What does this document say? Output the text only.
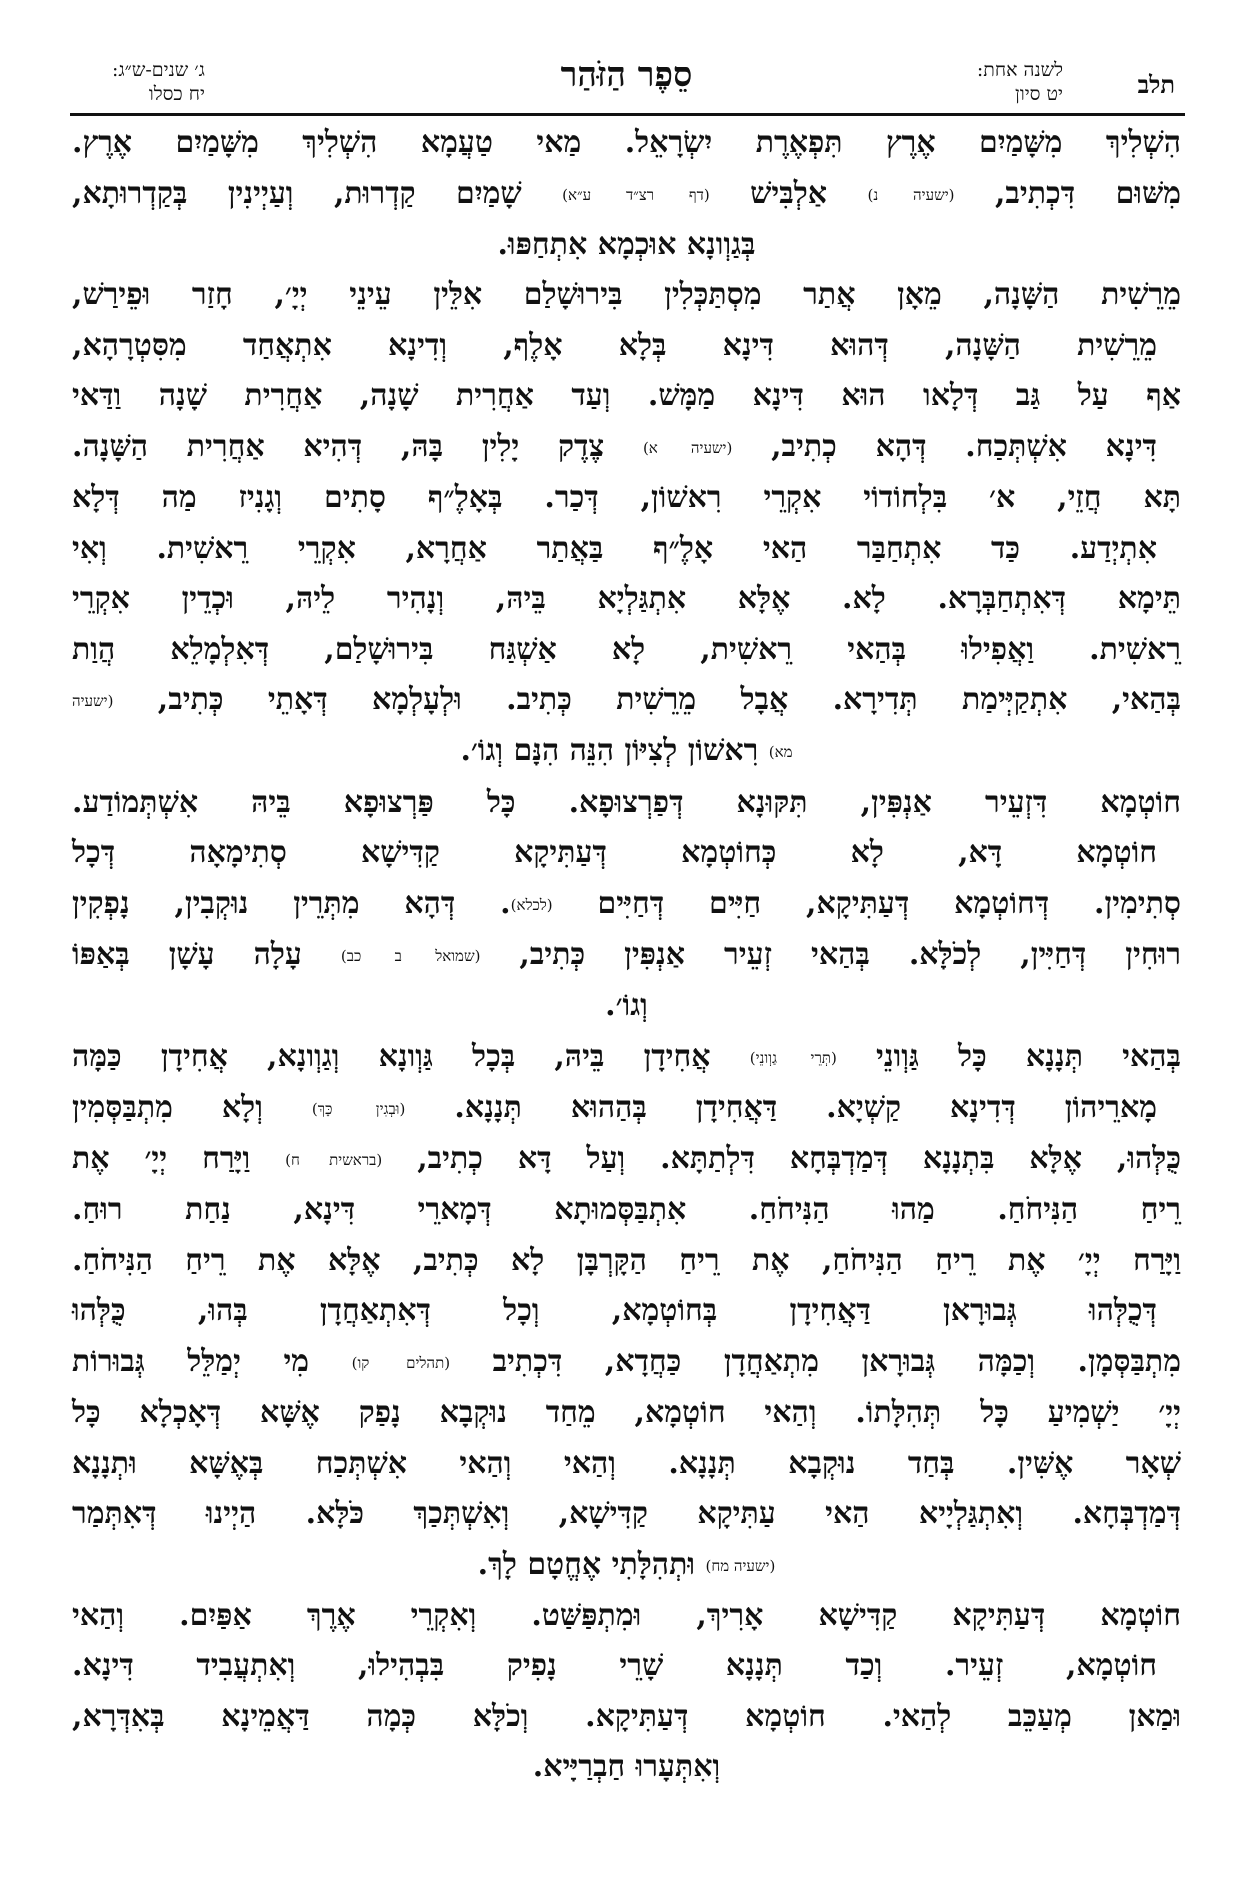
תלב
לשנה אחת:
יט סיון
סֵפֶר הַזֹּהַר
ג׳ שנים-ש״ג:
יח כסלו
הִשְׁלִיךְ מִשָּׁמַיִם אֶרֶץ תִּפְאֶרֶת יִשְׂרָאֵל. מַאי טַעֲמָא הִשְׁלִיךְ מִשָּׁמַיִם אֶרֶץ.
מִשּׁוּם דִּכְתִיב, (ישעיה נ) אַלְבִּישׁ (דף רצ״ד ע״א) שָׁמַיִם קַדְרוּת, וְעַיְינִין בְּקַדְרוּתָא,
בְּגַוְונָא אוּכְמָא אִתְחַפּוּ.
מֵרֵשִׁית הַשָּׁנָה, מֵאָן אֲתַר מִסְתַּכְּלִין בִּירוּשָׁלַם אִלֵּין עֵינֵי יְיָ׳, חָזַר וּפֵירַשׁ,
מֵרֵשִׁית הַשָּׁנָה, דְּהוּא דִּינָא בְּלָא אָלֶף, וְדִינָא אִתְאֲחַד מִסִּטְרָהָא,
אַף עַל גַּב דְּלָאו הוּא דִּינָא מַמָּשׁ. וְעַד אַחֲרִית שָׁנָה, אַחֲרִית שָׁנָה וַדַּאי
דִּינָא אִשְׁתְּכַח. דְּהָא כְתִיב, (ישעיה א) צֶדֶק יָלִין בָּהּ, דְּהִיא אַחֲרִית הַשָּׁנָה.
תָּא חֲזֵי, א׳ בִּלְחוֹדוֹי אִקְרֵי רִאשׁוֹן, דְּכַר. בְּאָלֶ״ף סָתִים וְגָנִיז מַה דְּלָא
אִתְיְדַע. כַּד אִתְחַבַּר הַאי אָלֶ״ף בַּאֲתַר אַחֲרָא, אִקְרֵי רֵאשִׁית. וְאִי
תֵּימָא דְּאִתְחַבְּרָא. לָא. אֶלָּא אִתְגַּלְיָא בֵּיהּ, וְנָהִיר לֵיהּ, וּכְדֵין אִקְרֵי
רֵאשִׁית. וַאֲפִילוּ בְּהַאי רֵאשִׁית, לָא אַשְׁגַּח בִּירוּשָׁלַם, דְּאִלְמָלֵא הֲוַת
בְּהַאי, אִתְקַיְּימַת תְּדִירָא. אֲבָל מֵרֵשִׁית כְּתִיב. וּלְעָלְמָא דְּאָתֵי כְּתִיב, (ישעיה
מא) רִאשׁוֹן לְצִיּוֹן הִנֵּה הִנָּם וְגוֹ׳.
חוֹטְמָא דִּזְעֵיר אַנְפִּין, תִּקּוּנָא דְּפַרְצוּפָא. כָּל פַּרְצוּפָא בֵּיהּ אִשְׁתְּמוֹדַע.
חוֹטְמָא דָּא, לָא כְּחוֹטְמָא דְּעַתִּיקָא קַדִּישָׁא סְתִימָאָה דְּכָל
סְתִימִין. דְּחוֹטְמָא דְּעַתִּיקָא, חַיִּים דְּחַיִּים (לכלא). דְּהָא מִתְּרֵין נוּקְבִין, נָפְקִין
רוּחִין דְּחַיִּין, לְכֹלָּא. בְּהַאי זְעֵיר אַנְפִּין כְּתִיב, (שמואל ב כב) עָלָה עָשָׁן בְּאַפּוֹ
וְגוֹ׳.
בְּהַאי תְּנָנָא כָּל גַּוְונֵי (תְּרֵי גַוְונֵי) אֲחִידָן בֵּיהּ, בְּכָל גַּוְונָא וְגַוְונָא, אֲחִידָן כַּמָּה
מָארֵיהוֹן דְּדִינָא קַשְׁיָא. דַּאֲחִידָן בְּהַהוּא תְּנָנָא. (וּבְגִין כָּךְ) וְלָא מִתְבַּסְּמִין
כֻּלְּהוּ, אֶלָּא בִּתְנָנָא דְּמַדְבְּחָא דִּלְתַתָּא. וְעַל דָּא כְתִיב, (בראשית ח) וַיָּרַח יְיָ׳ אֶת
רֵיחַ הַנִּיחֹחַ. מַהוּ הַנִּיחֹחַ. אִתְבַּסְּמוּתָא דְּמָארֵי דִּינָא, נַחַת רוּחַ.
וַיָּרַח יְיָ׳ אֶת רֵיחַ הַנִּיחֹחַ, אֶת רֵיחַ הַקָּרְבָּן לָא כְּתִיב, אֶלָּא אֶת רֵיחַ הַנִּיחֹחַ.
דְּכֻלְּהוּ גְּבוּרָאן דַּאֲחִידָן בְּחוֹטְמָא, וְכָל דְּאִתְאַחֲדָן בְּהוּ, כֻּלְּהוּ
מִתְבַּסְּמָן. וְכַמָּה גְּבוּרָאן מִתְאַחֲדָן כַּחֲדָא, דִּכְתִיב (תהלים קו) מִי יְמַלֵּל גְּבוּרוֹת
יְיָ׳ יַשְׁמִיעַ כָּל תְּהִלָּתוֹ. וְהַאי חוֹטְמָא, מֵחַד נוּקְבָא נָפַק אֶשָּׁא דְּאָכְלָא כָּל
שְׁאָר אֶשִּׁין. בְּחַד נוּקְבָא תְּנָנָא. וְהַאי וְהַאי אִשְׁתְּכַח בְּאֶשָּׁא וּתְנָנָא
דְּמַדְבְּחָא. וְאִתְגַּלְיָיא הַאי עַתִּיקָא קַדִּישָׁא, וְאִשְׁתְּכַךְ כֹּלָּא. הַיְינוּ דְּאִתְּמַר
(ישעיה מח) וּתְהִלָּתִי אֶחֱטָם לָךְ.
חוֹטְמָא דְּעַתִּיקָא קַדִּישָׁא אָרִיךְ, וּמִתְפַּשַּׁט. וְאִקְרֵי אֶרֶךְ אַפַּיִם. וְהַאי
חוֹטְמָא, זְעֵיר. וְכַד תְּנָנָא שָׁרֵי נָפִיק בִּבְהִילוּ, וְאִתְעֲבִיד דִּינָא.
וּמַאן מְעַכֵּב לְהַאי. חוֹטְמָא דְּעַתִּיקָא. וְכֹלָּא כְּמָה דַּאֲמֵינָא בְּאִדְּרָא,
וְאִתְּעָרוּ חַבְרַיָּיא.
